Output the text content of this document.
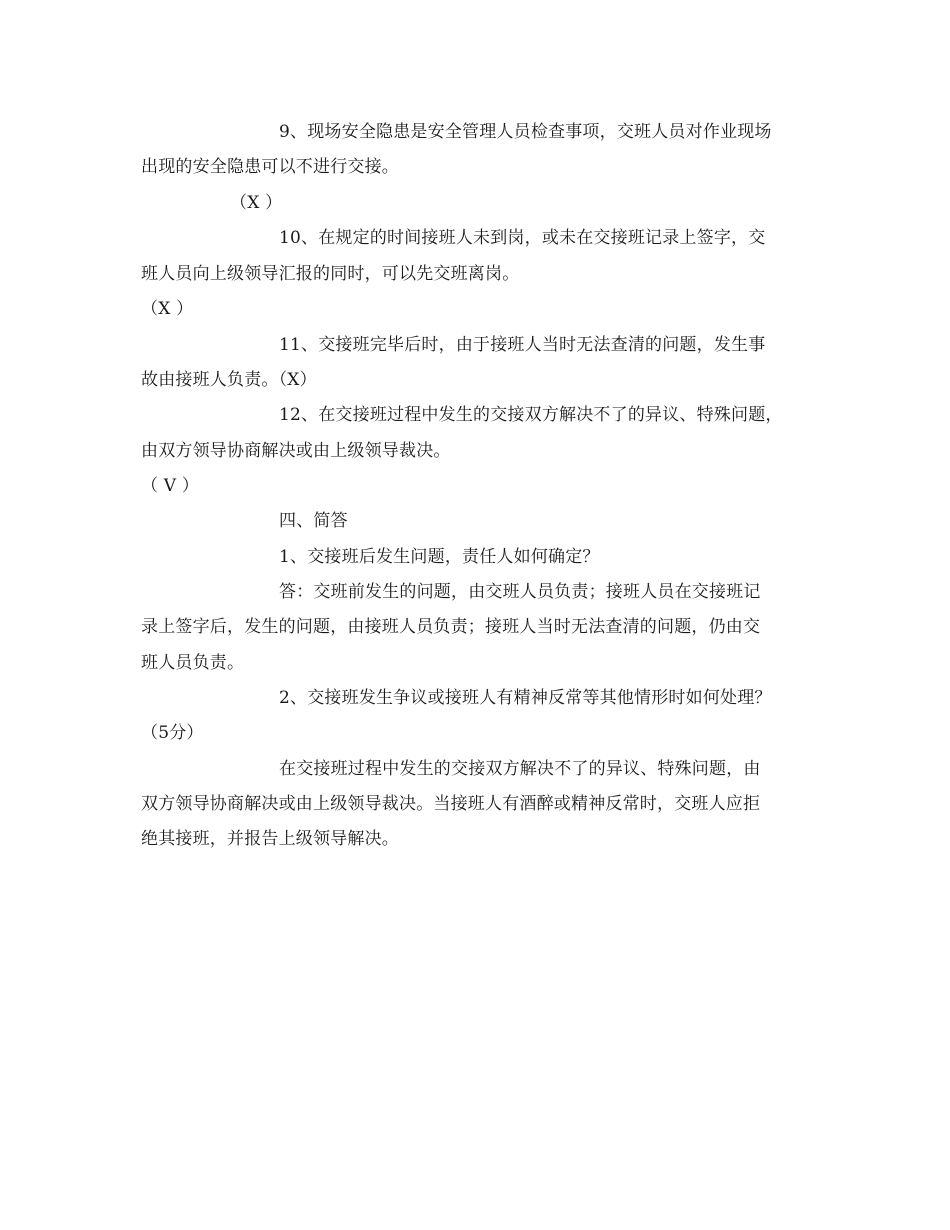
9、现场安全隐患是安全管理人员检查事项，交班人员对作业现场
出现的安全隐患可以不进行交接。
（X ）
10、在规定的时间接班人未到岗，或未在交接班记录上签字，交
班人员向上级领导汇报的同时，可以先交班离岗。
（X ）
11、交接班完毕后时，由于接班人当时无法查清的问题，发生事
故由接班人负责。（X）
12、在交接班过程中发生的交接双方解决不了的异议、特殊问题，
由双方领导协商解决或由上级领导裁决。
（ V ）
四、简答
1、交接班后发生问题，责任人如何确定？
答：交班前发生的问题，由交班人员负责；接班人员在交接班记
录上签字后，发生的问题，由接班人员负责；接班人当时无法查清的问题，仍由交
班人员负责。
2、交接班发生争议或接班人有精神反常等其他情形时如何处理？
（5分）
在交接班过程中发生的交接双方解决不了的异议、特殊问题，由
双方领导协商解决或由上级领导裁决。当接班人有酒醉或精神反常时，交班人应拒
绝其接班，并报告上级领导解决。
